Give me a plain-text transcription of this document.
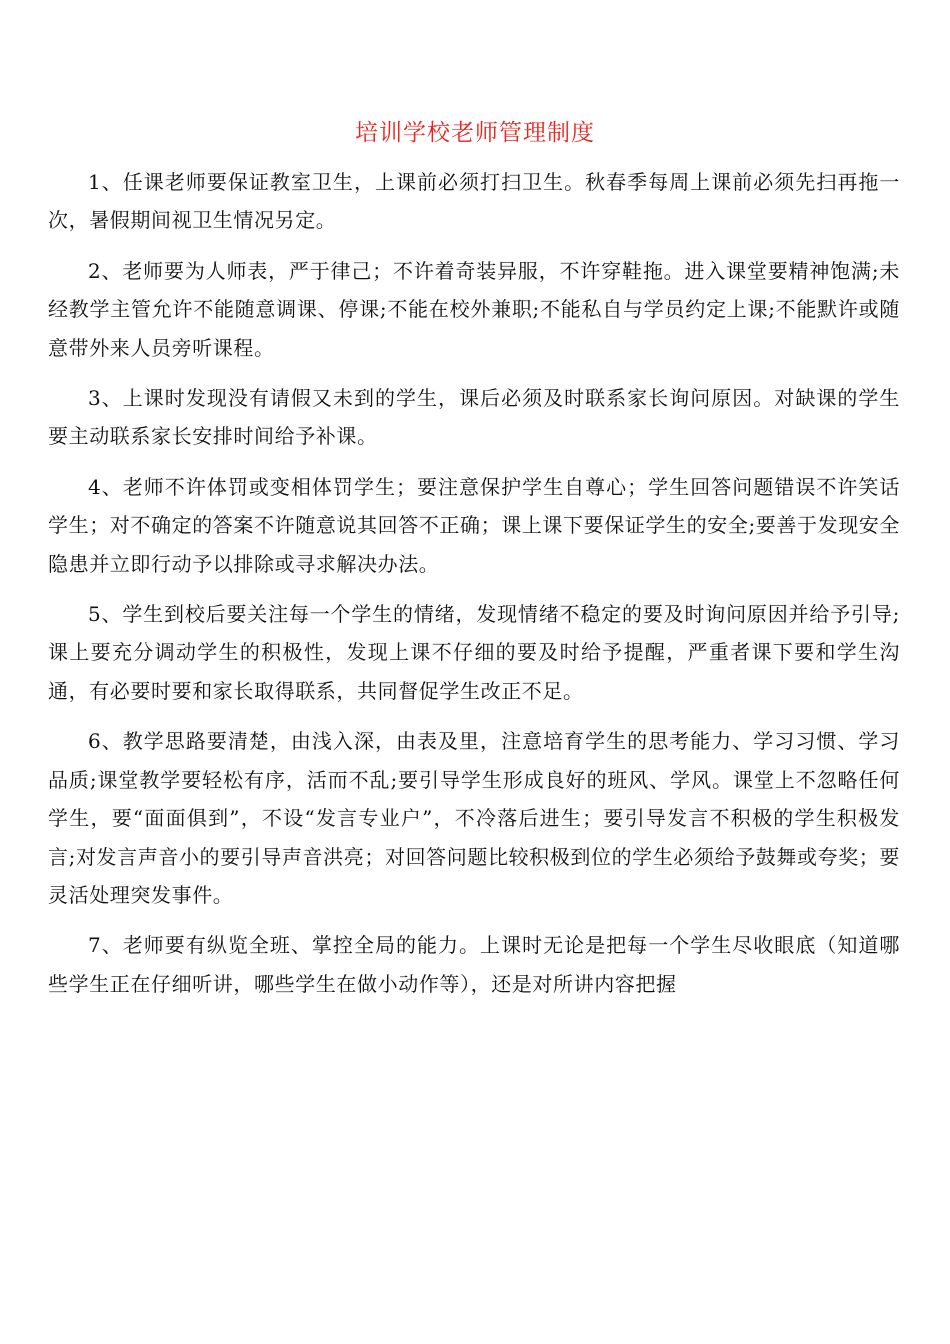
培训学校老师管理制度

1、任课老师要保证教室卫生，上课前必须打扫卫生。秋春季每周上课前必须先扫再拖一次，暑假期间视卫生情况另定。

2、老师要为人师表，严于律己；不许着奇装异服，不许穿鞋拖。进入课堂要精神饱满;未经教学主管允许不能随意调课、停课;不能在校外兼职;不能私自与学员约定上课;不能默许或随意带外来人员旁听课程。

3、上课时发现没有请假又未到的学生，课后必须及时联系家长询问原因。对缺课的学生要主动联系家长安排时间给予补课。

4、老师不许体罚或变相体罚学生；要注意保护学生自尊心；学生回答问题错误不许笑话学生；对不确定的答案不许随意说其回答不正确；课上课下要保证学生的安全;要善于发现安全隐患并立即行动予以排除或寻求解决办法。

5、学生到校后要关注每一个学生的情绪，发现情绪不稳定的要及时询问原因并给予引导;课上要充分调动学生的积极性，发现上课不仔细的要及时给予提醒，严重者课下要和学生沟通，有必要时要和家长取得联系，共同督促学生改正不足。

6、教学思路要清楚，由浅入深，由表及里，注意培育学生的思考能力、学习习惯、学习品质;课堂教学要轻松有序，活而不乱;要引导学生形成良好的班风、学风。课堂上不忽略任何学生，要“面面俱到”，不设“发言专业户”，不冷落后进生；要引导发言不积极的学生积极发言;对发言声音小的要引导声音洪亮；对回答问题比较积极到位的学生必须给予鼓舞或夸奖；要灵活处理突发事件。

7、老师要有纵览全班、掌控全局的能力。上课时无论是把每一个学生尽收眼底（知道哪些学生正在仔细听讲，哪些学生在做小动作等），还是对所讲内容把握
